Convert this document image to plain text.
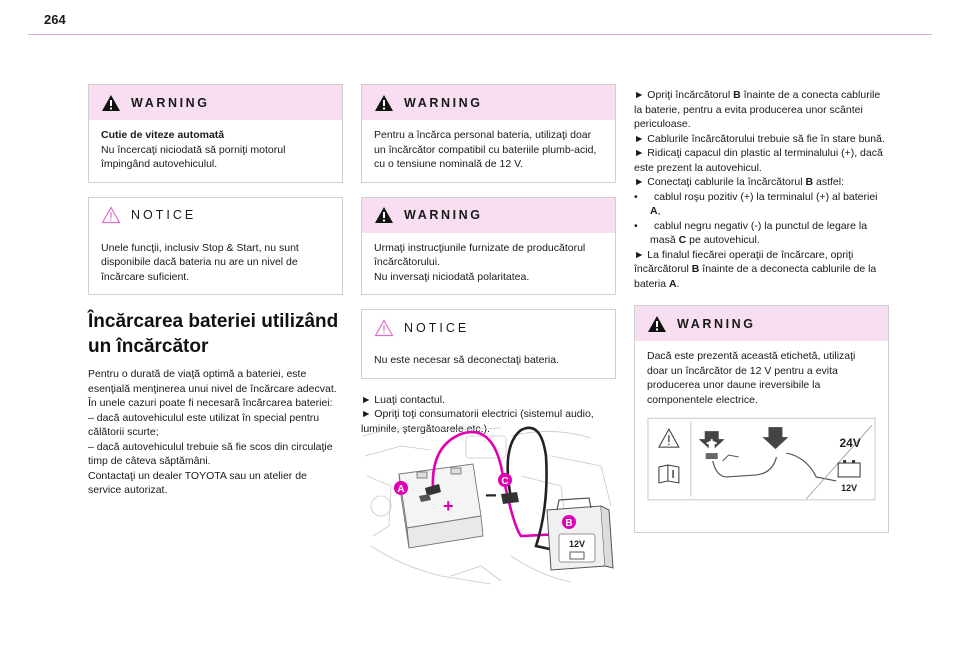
264
WARNING

Cutie de viteze automată

Nu încercaţi niciodată să porniţi motorul împingând autovehiculul.

NOTICE

Unele funcţii, inclusiv Stop & Start, nu sunt disponibile dacă bateria nu are un nivel de încărcare suficient.

Încărcarea bateriei utilizând
un încărcător

Pentru o durată de viaţă optimă a bateriei, este esenţială menţinerea unui nivel de încărcare adecvat.

În unele cazuri poate fi necesară încărcarea bateriei:

– dacă autovehiculul este utilizat în special pentru călătorii scurte;

– dacă autovehiculul trebuie să fie scos din circulaţie timp de câteva săptămâni.

Contactaţi un dealer TOYOTA sau un atelier de service autorizat.

WARNING

Pentru a încărca personal bateria, utilizaţi doar un încărcător compatibil cu bateriile plumb-acid, cu o tensiune nominală de 12 V.

WARNING

Urmaţi instrucţiunile furnizate de producătorul încărcătorului.

Nu inversaţi niciodată polaritatea.

NOTICE

Nu este necesar să deconectaţi bateria.

► Luaţi contactul.

► Opriţi toţi consumatorii electrici (sistemul audio, luminile, ştergătoarele etc.).

+ −
A
C
B
12V

► Opriţi încărcătorul B înainte de a conecta cablurile la baterie, pentru a evita producerea unor scântei periculoase.

► Cablurile încărcătorului trebuie să fie în stare bună.

► Ridicaţi capacul din plastic al terminalului (+), dacă este prezent la autovehicul.

► Conectaţi cablurile la încărcătorul B astfel:

• cablul roşu pozitiv (+) la terminalul (+) al bateriei A,

• cablul negru negativ (-) la punctul de legare la masă C pe autovehicul.

► La finalul fiecărei operaţii de încărcare, opriţi încărcătorul B înainte de a deconecta cablurile de la bateria A.

WARNING

Dacă este prezentă această etichetă, utilizaţi doar un încărcător de 12 V pentru a evita producerea unor daune ireversibile la componentele electrice.

24V
12V
